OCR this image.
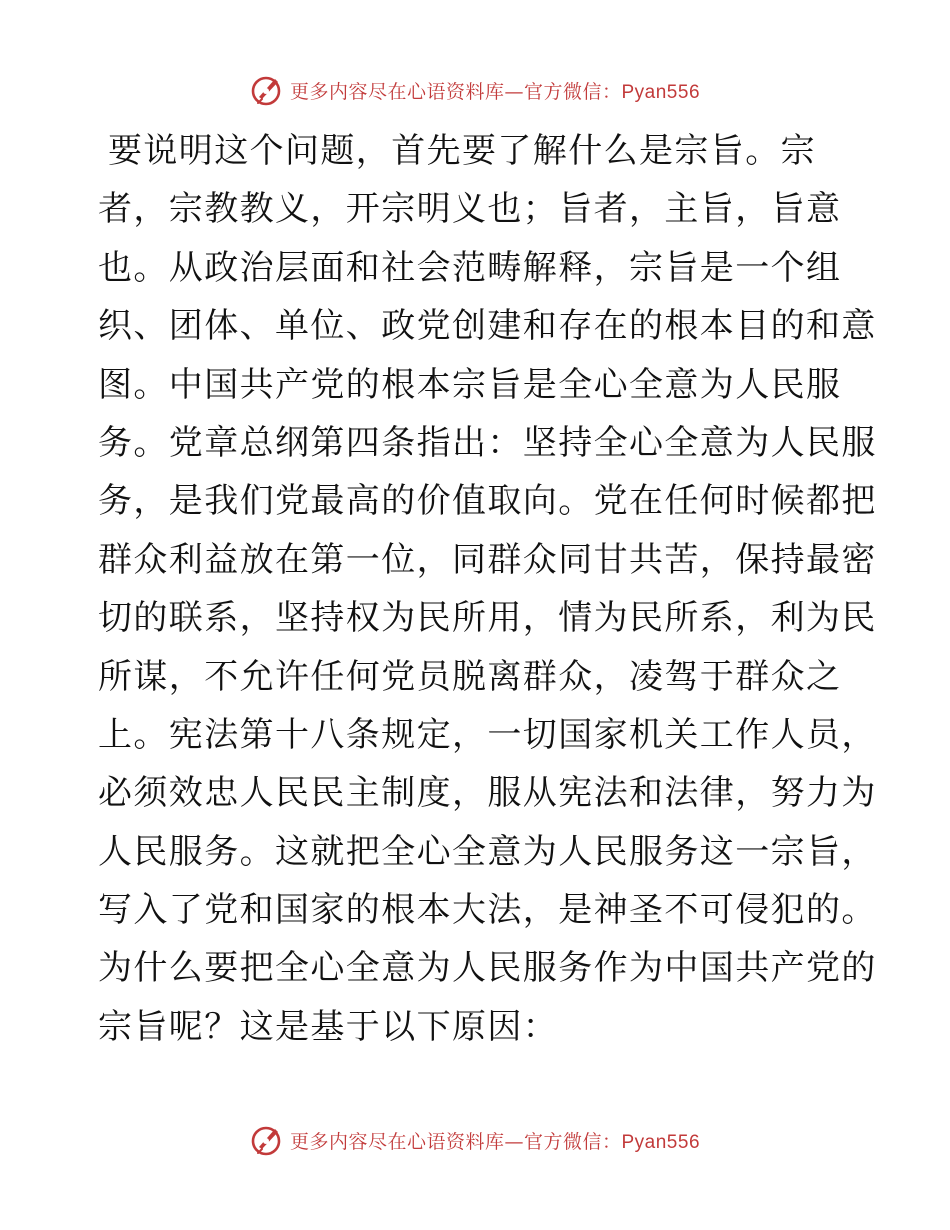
更多内容尽在心语资料库—官方微信：Pyan556
要说明这个问题，首先要了解什么是宗旨。宗
者，宗教教义，开宗明义也；旨者，主旨，旨意
也。从政治层面和社会范畴解释，宗旨是一个组
织、团体、单位、政党创建和存在的根本目的和意
图。中国共产党的根本宗旨是全心全意为人民服
务。党章总纲第四条指出：坚持全心全意为人民服
务，是我们党最高的价值取向。党在任何时候都把
群众利益放在第一位，同群众同甘共苦，保持最密
切的联系，坚持权为民所用，情为民所系，利为民
所谋，不允许任何党员脱离群众，凌驾于群众之
上。宪法第十八条规定，一切国家机关工作人员，
必须效忠人民民主制度，服从宪法和法律，努力为
人民服务。这就把全心全意为人民服务这一宗旨，
写入了党和国家的根本大法，是神圣不可侵犯的。
为什么要把全心全意为人民服务作为中国共产党的
宗旨呢？这是基于以下原因：
更多内容尽在心语资料库—官方微信：Pyan556
